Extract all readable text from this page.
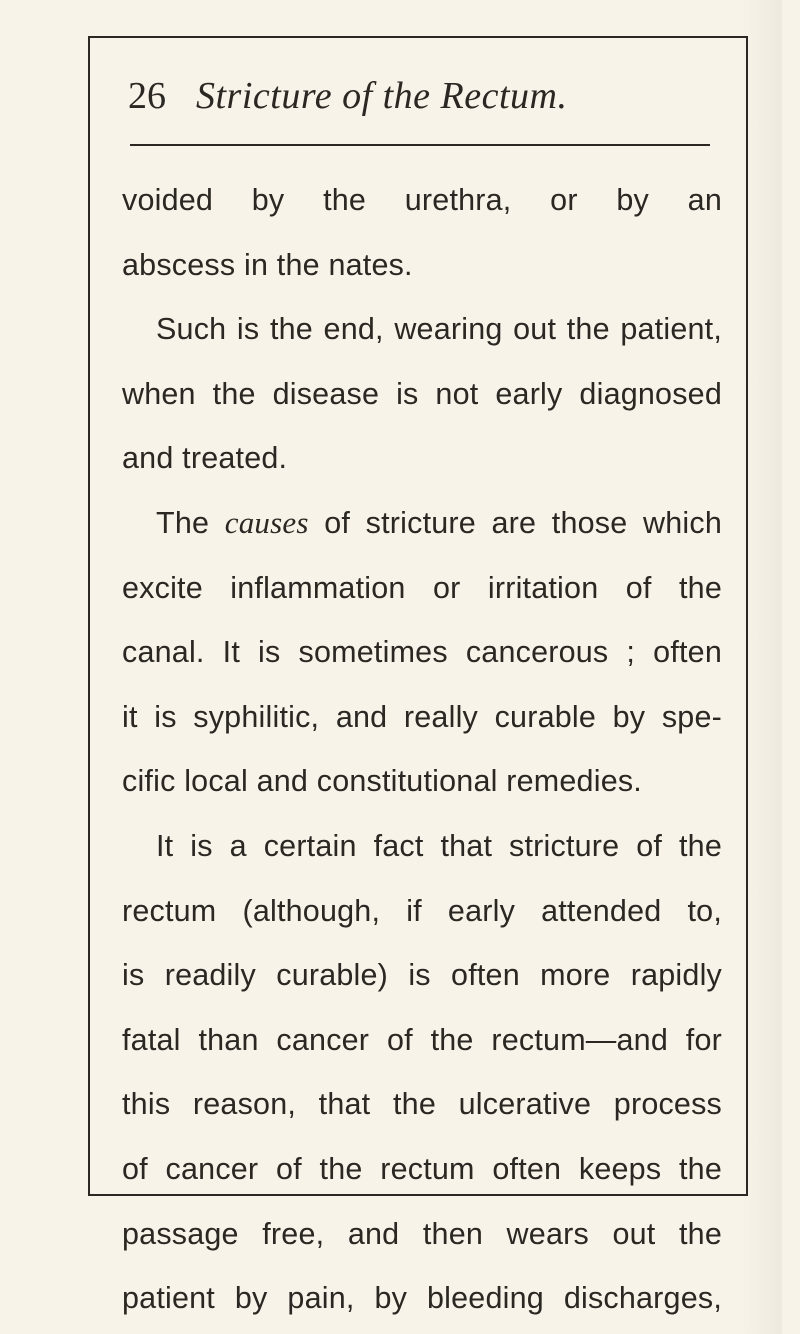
26 Stricture of the Rectum.
voided by the urethra, or by an
abscess in the nates.
Such is the end, wearing out the patient,
when the disease is not early diagnosed
and treated.
The causes of stricture are those which
excite inflammation or irritation of the
canal. It is sometimes cancerous ; often
it is syphilitic, and really curable by spe-
cific local and constitutional remedies.
It is a certain fact that stricture of the
rectum (although, if early attended to,
is readily curable) is often more rapidly
fatal than cancer of the rectum—and for
this reason, that the ulcerative process
of cancer of the rectum often keeps the
passage free, and then wears out the
patient by pain, by bleeding discharges,
